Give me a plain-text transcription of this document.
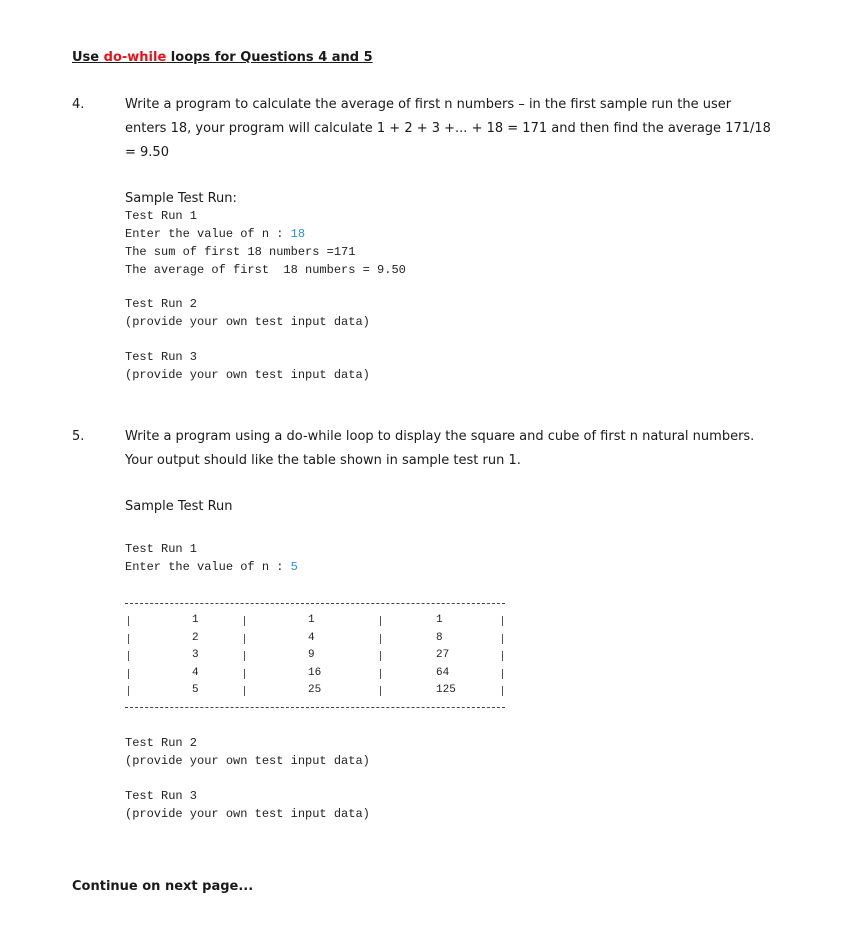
Use do-while loops for Questions 4 and 5
4.	Write a program to calculate the average of first n numbers – in the first sample run the user
enters 18, your program will calculate 1 + 2 + 3 +... + 18 = 171 and then find the average 171/18
= 9.50
Sample Test Run:
Test Run 1
Enter the value of n : 18
The sum of first 18 numbers =171
The average of first  18 numbers = 9.50
Test Run 2
(provide your own test input data)
Test Run 3
(provide your own test input data)
5.	Write a program using a do-while loop to display the square and cube of first n natural numbers.
Your output should like the table shown in sample test run 1.
Sample Test Run
Test Run 1
Enter the value of n : 5
1	1	1
2	4	8
3	9	27
4	16	64
5	25	125
Test Run 2
(provide your own test input data)
Test Run 3
(provide your own test input data)
Continue on next page...
